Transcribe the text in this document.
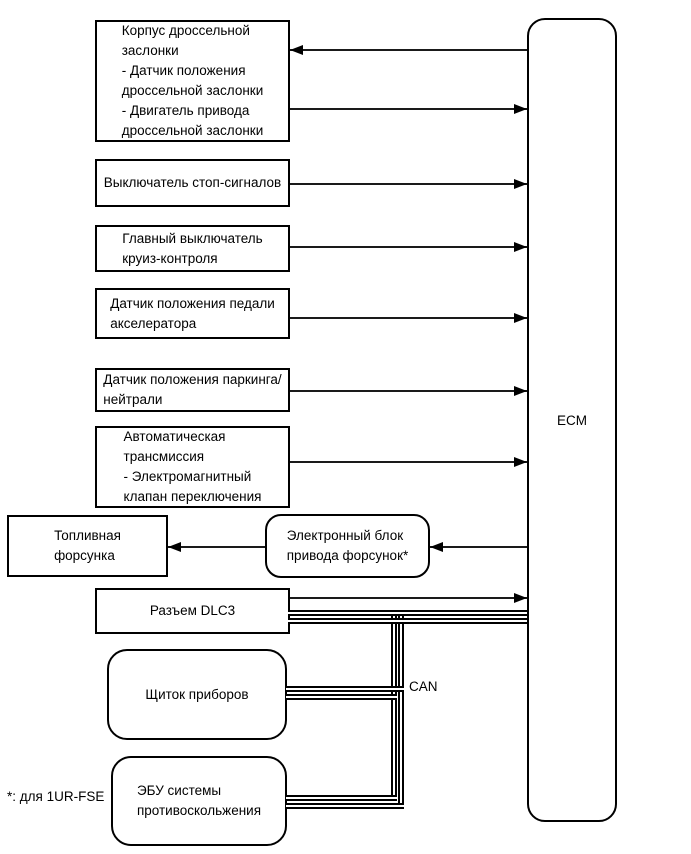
ECM
Корпус дроссельной
заслонки
- Датчик положения
дроссельной заслонки
- Двигатель привода
дроссельной заслонки
Выключатель стоп-сигналов
Главный выключатель
круиз-контроля
Датчик положения педали
акселератора
Датчик положения паркинга/
нейтрали
Автоматическая
трансмиссия
- Электромагнитный
клапан переключения
Топливная
форсунка
Электронный блок
привода форсунок*
Разъем DLC3
Щиток приборов
ЭБУ системы
противоскольжения
CAN
*: для 1UR-FSE
